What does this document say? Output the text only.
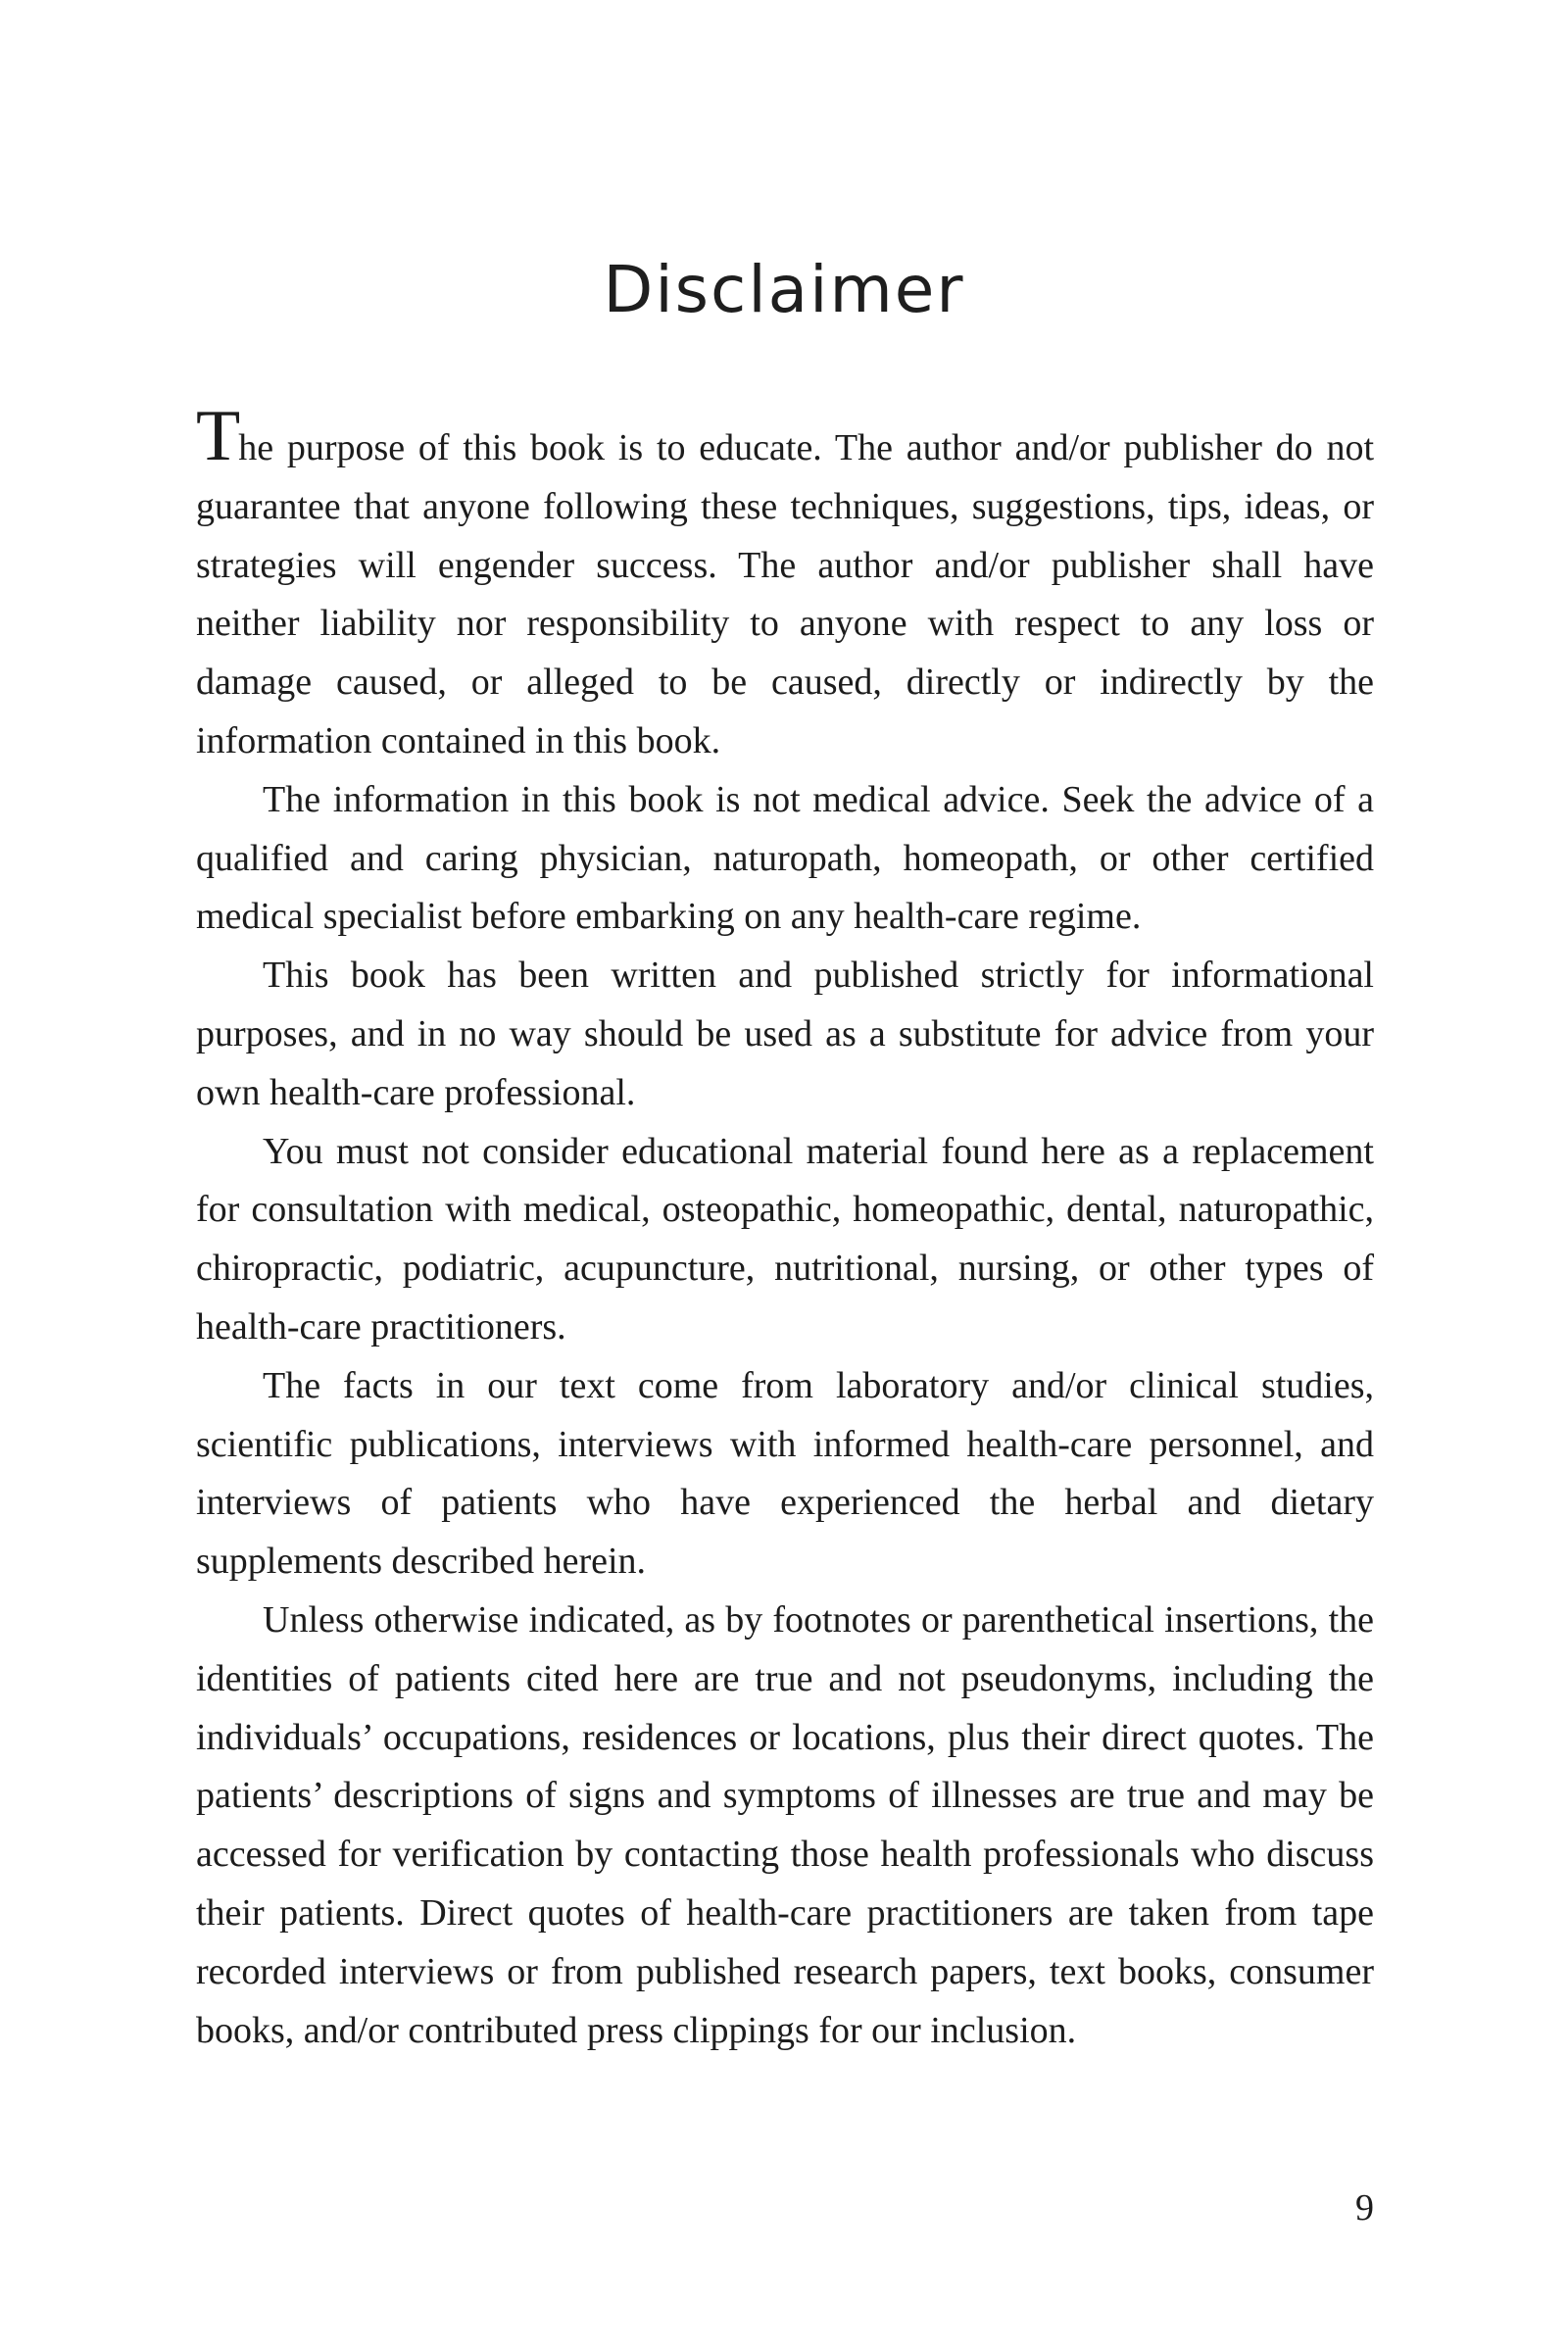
Disclaimer

The purpose of this book is to educate. The author and/or publisher do not guarantee that anyone following these techniques, suggestions, tips, ideas, or strategies will engender success. The author and/or publisher shall have neither liability nor responsibility to anyone with respect to any loss or damage caused, or alleged to be caused, directly or indirectly by the information contained in this book.

The information in this book is not medical advice. Seek the advice of a qualified and caring physician, naturopath, homeopath, or other certified medical specialist before embarking on any health-care regime.

This book has been written and published strictly for informational purposes, and in no way should be used as a substitute for advice from your own health-care professional.

You must not consider educational material found here as a replacement for consultation with medical, osteopathic, homeopathic, dental, naturopathic, chiropractic, podiatric, acupuncture, nutritional, nursing, or other types of health-care practitioners.

The facts in our text come from laboratory and/or clinical studies, scientific publications, interviews with informed health-care personnel, and interviews of patients who have experienced the herbal and dietary supplements described herein.

Unless otherwise indicated, as by footnotes or parenthetical insertions, the identities of patients cited here are true and not pseudonyms, including the individuals’ occupations, residences or locations, plus their direct quotes. The patients’ descriptions of signs and symptoms of illnesses are true and may be accessed for verification by contacting those health professionals who discuss their patients. Direct quotes of health-care practitioners are taken from tape recorded interviews or from published research papers, text books, consumer books, and/or contributed press clippings for our inclusion.

9
